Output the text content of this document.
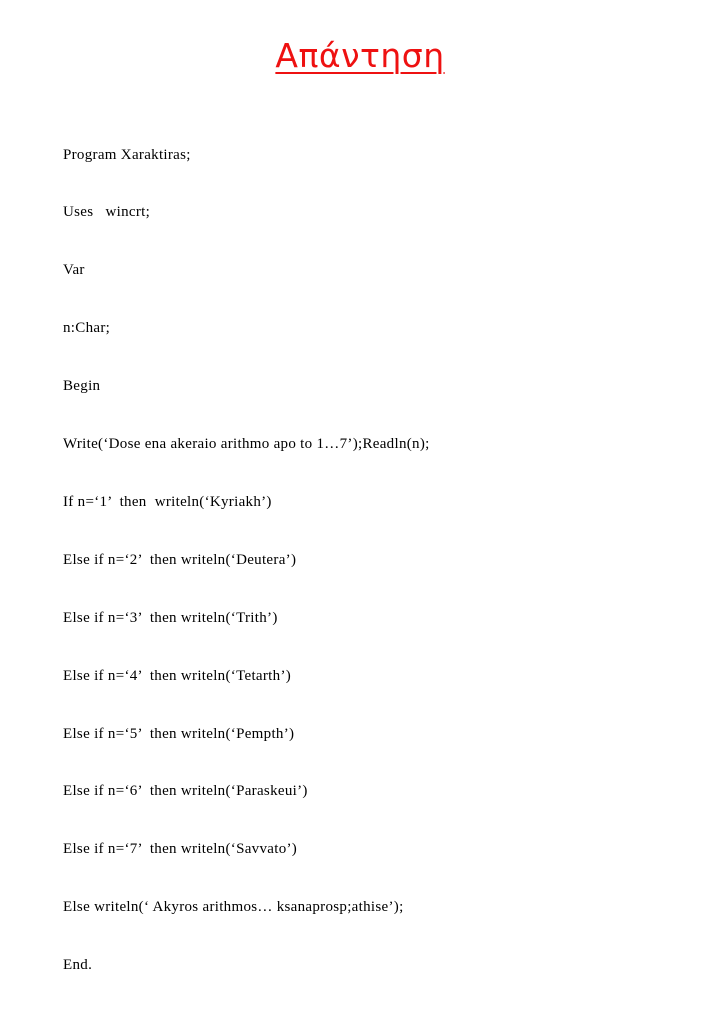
Απάντηση

Program Xaraktiras;

Uses   wincrt;

Var

n:Char;

Begin

Write(‘Dose ena akeraio arithmo apo to 1…7’);Readln(n);

If n=‘1’  then  writeln(‘Kyriakh’)

Else if n=‘2’  then writeln(‘Deutera’)

Else if n=‘3’  then writeln(‘Trith’)

Else if n=‘4’  then writeln(‘Tetarth’)

Else if n=‘5’  then writeln(‘Pempth’)

Else if n=‘6’  then writeln(‘Paraskeui’)

Else if n=‘7’  then writeln(‘Savvato’)

Else writeln(‘ Akyros arithmos… ksanaprosp;athise’);

End.
